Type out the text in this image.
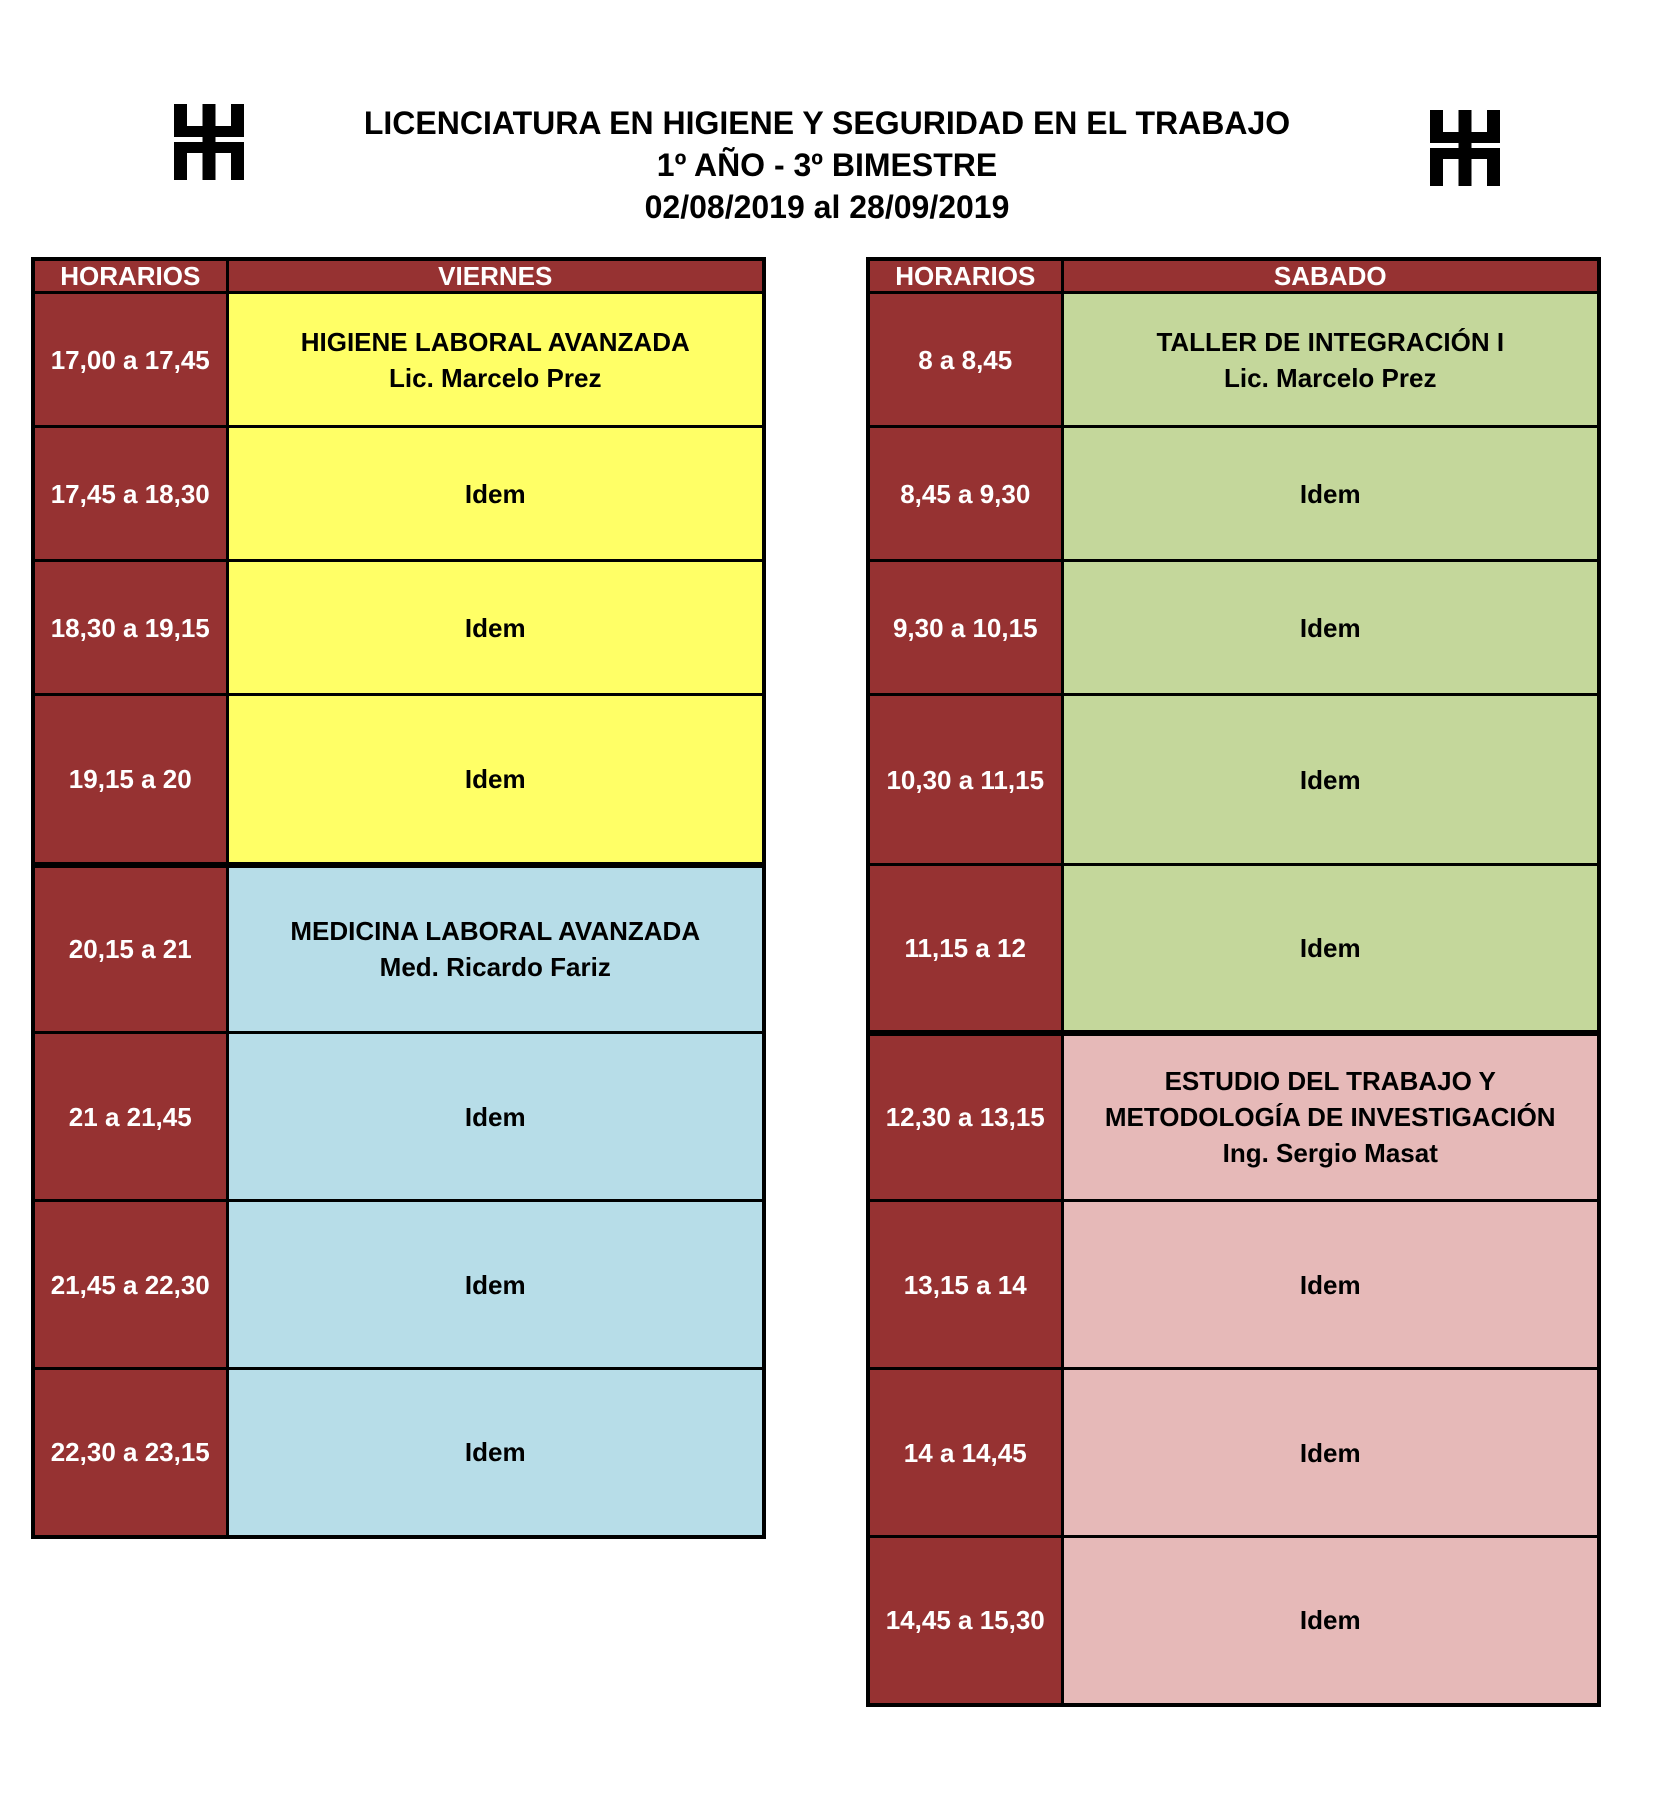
LICENCIATURA EN HIGIENE Y SEGURIDAD EN EL TRABAJO
1º AÑO - 3º BIMESTRE
02/08/2019 al 28/09/2019
HORARIOS	VIERNES
17,00 a 17,45	HIGIENE LABORAL AVANZADA
Lic. Marcelo Prez

17,45 a 18,30	Idem
18,30 a 19,15	Idem
19,15 a 20	Idem
20,15 a 21	MEDICINA LABORAL AVANZADA
Med. Ricardo Fariz

21 a 21,45	Idem
21,45 a 22,30	Idem
22,30 a 23,15	Idem
HORARIOS	SABADO
8 a 8,45	TALLER DE INTEGRACIÓN I
Lic. Marcelo Prez

8,45 a 9,30	Idem
9,30 a 10,15	Idem
10,30 a 11,15	Idem
11,15 a 12	Idem
12,30 a 13,15	ESTUDIO DEL TRABAJO Y
METODOLOGÍA DE INVESTIGACIÓN
Ing. Sergio Masat

13,15 a 14	Idem
14 a 14,45	Idem
14,45 a 15,30	Idem
